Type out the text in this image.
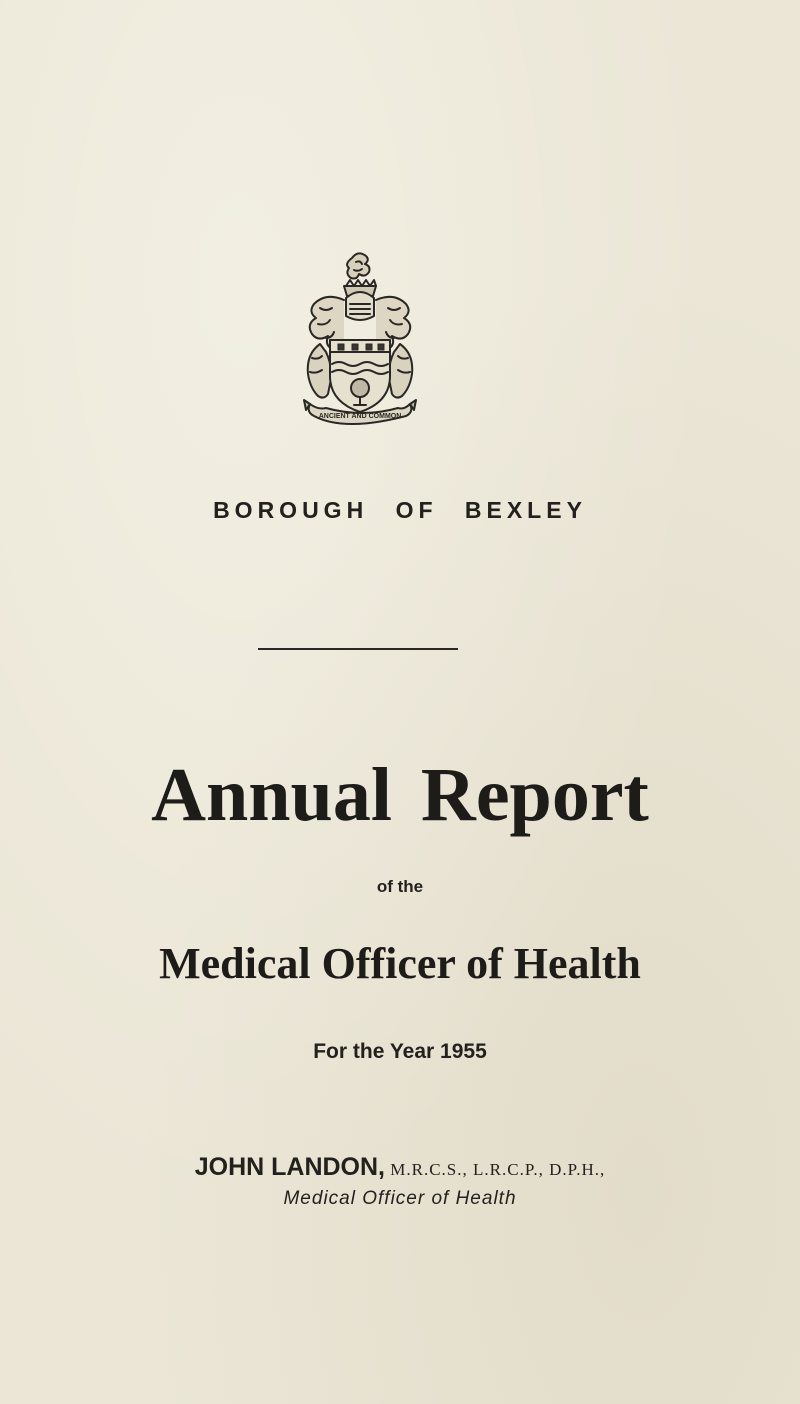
ANCIENT AND COMMON
BOROUGH OF BEXLEY
Annual Report
of the
Medical Officer of Health
For the Year 1955
JOHN LANDON, M.R.C.S., L.R.C.P., D.P.H.,
Medical Officer of Health
